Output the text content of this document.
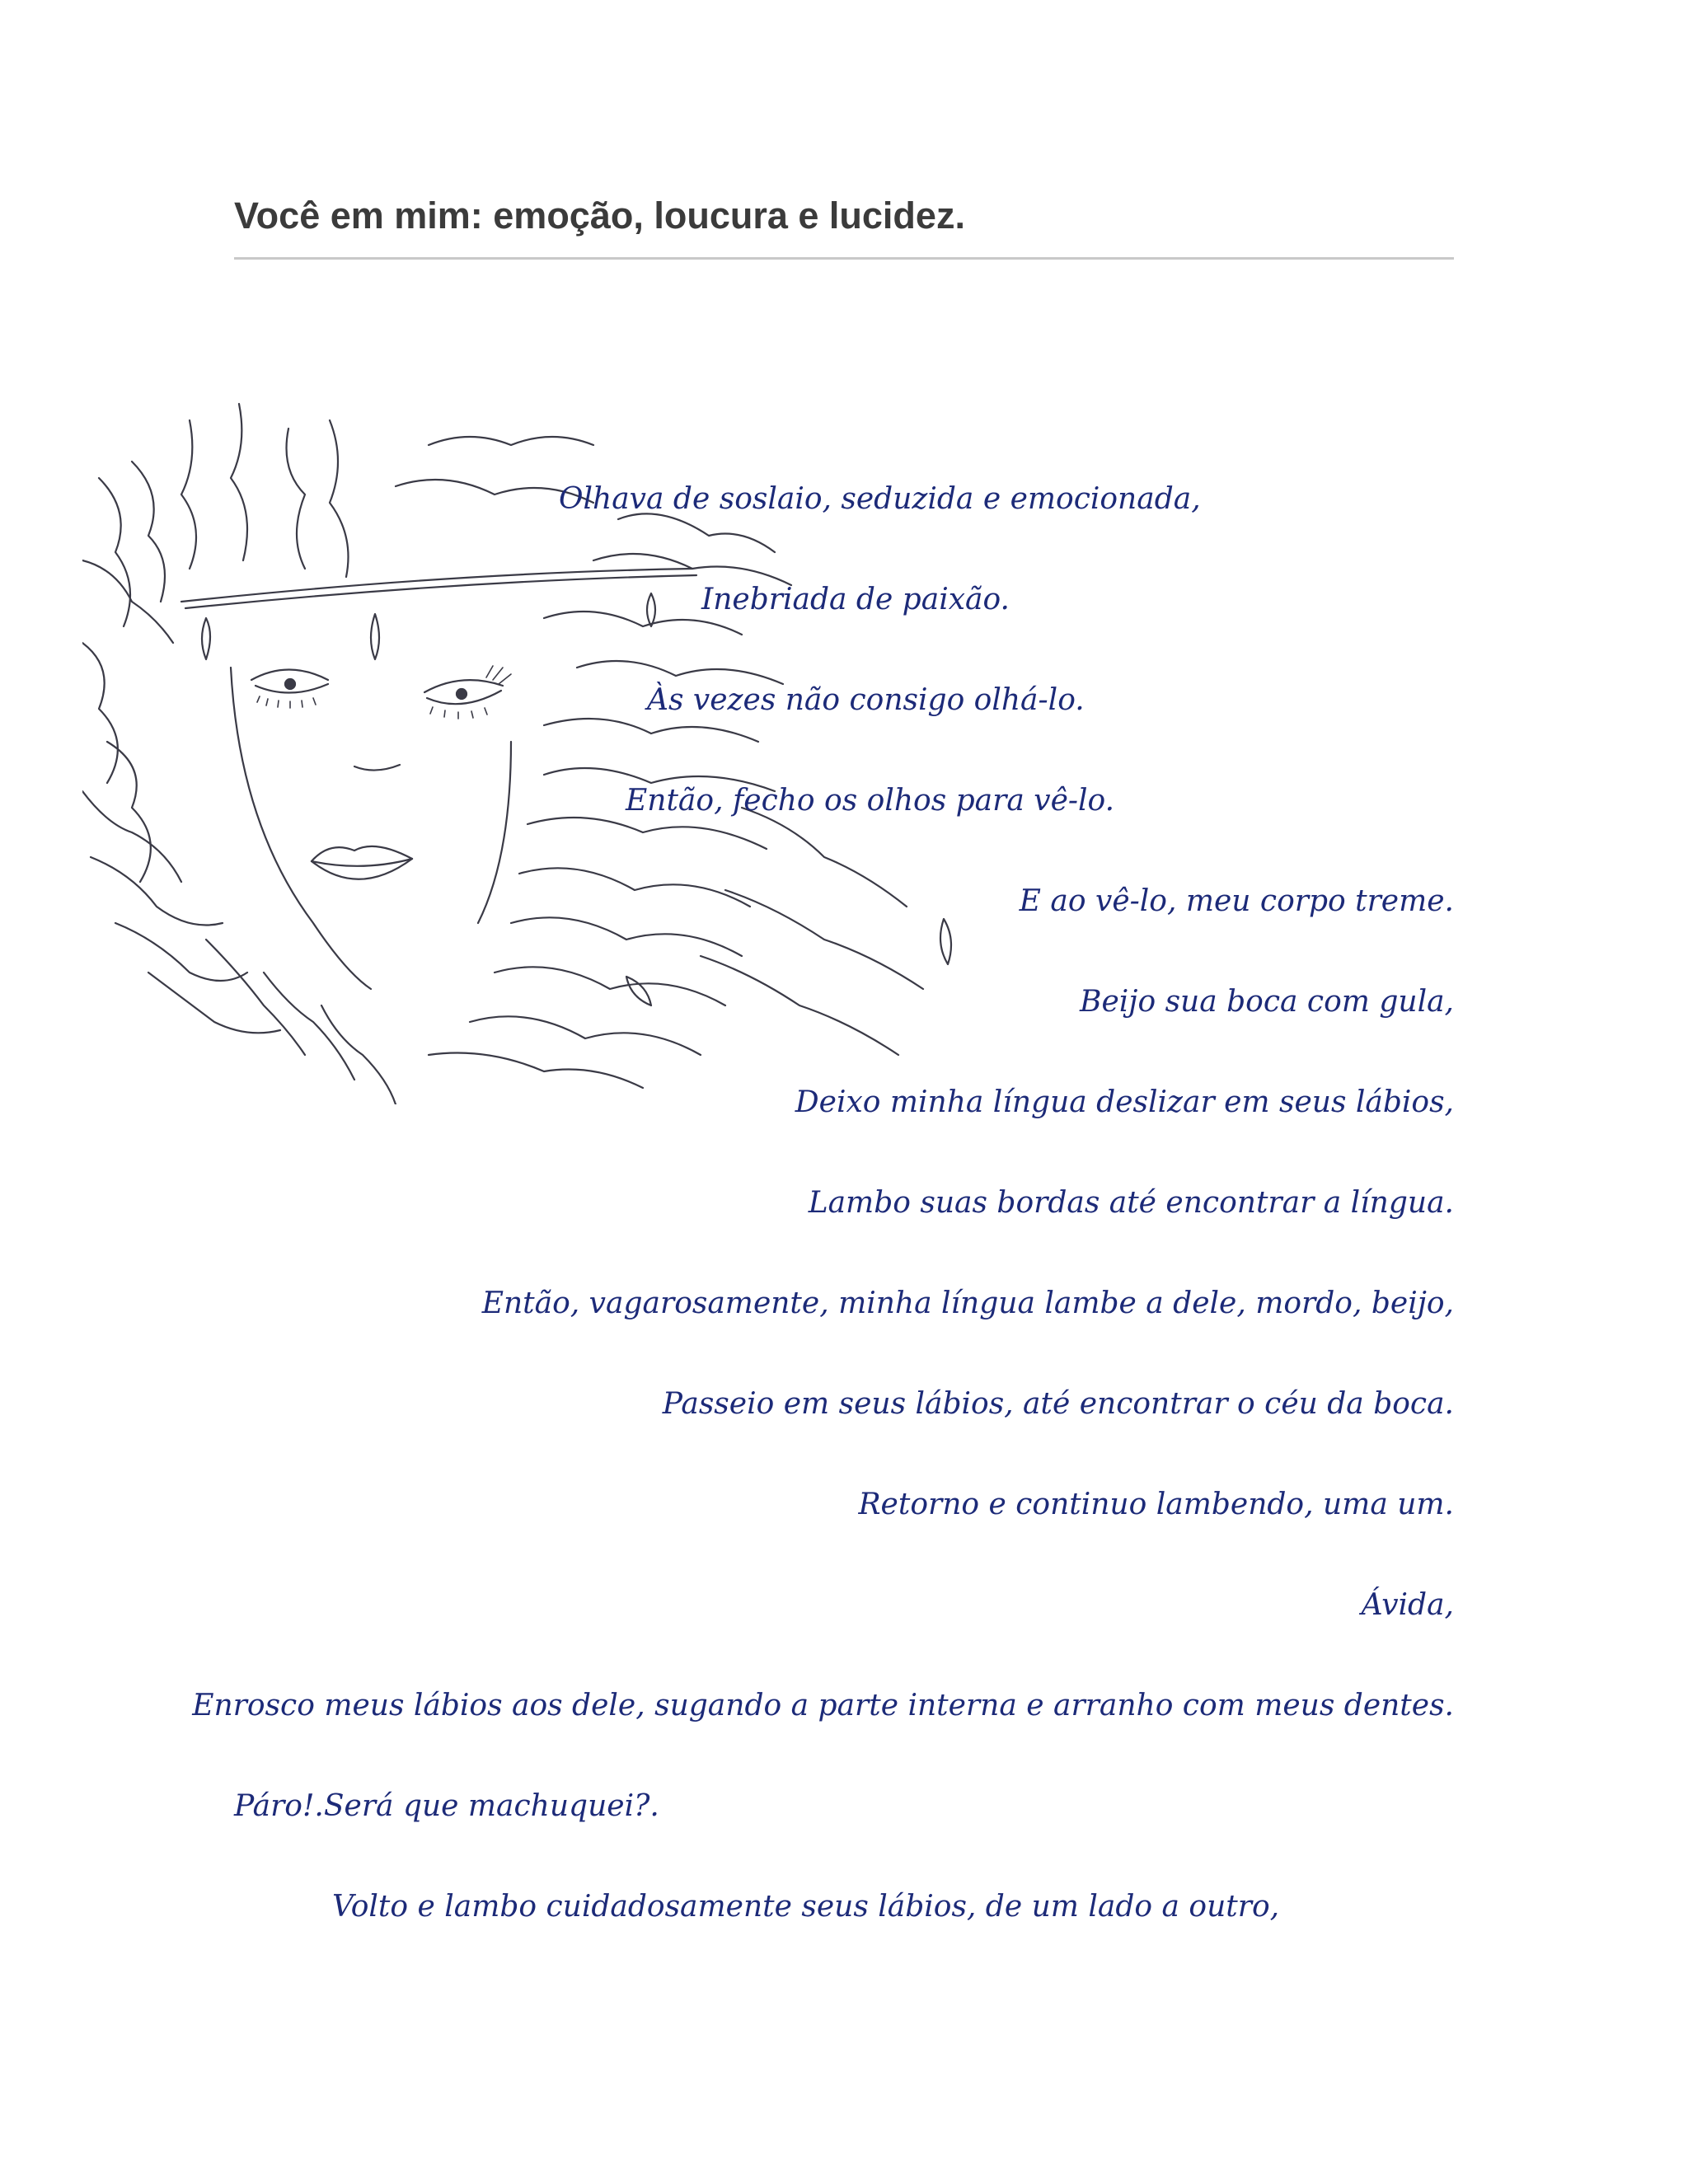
Você em mim: emoção, loucura e lucidez.
Olhava de soslaio, seduzida e emocionada,
Inebriada de paixão.
Às vezes não consigo olhá-lo.
Então, fecho os olhos para vê-lo.
E ao vê-lo, meu corpo treme.
Beijo sua boca com gula,
Deixo minha língua deslizar em seus lábios,
Lambo suas bordas até encontrar a língua.
Então, vagarosamente, minha língua lambe a dele, mordo, beijo,
Passeio em seus lábios, até encontrar o céu da boca.
Retorno e continuo lambendo, uma um.
Ávida,
Enrosco meus lábios aos dele, sugando a parte interna e arranho com meus dentes.
Páro!.Será que machuquei?.
Volto e lambo cuidadosamente seus lábios, de um lado a outro,
